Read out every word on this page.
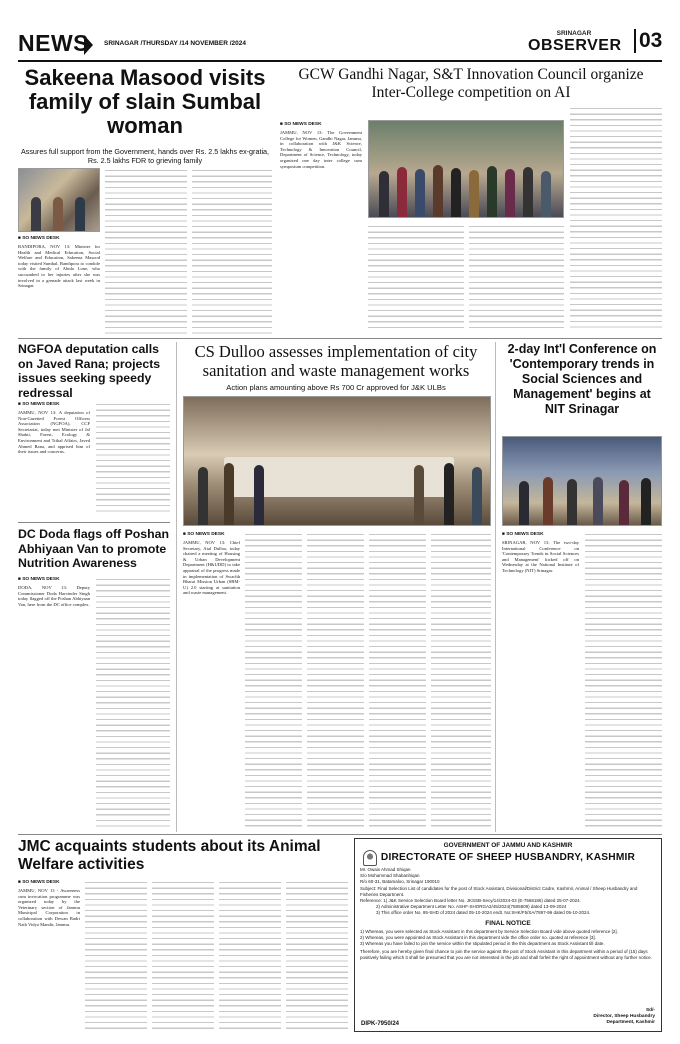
NEWS SRINAGAR /THURSDAY /14 NOVEMBER /2024
SRINAGAR
OBSERVER 03
Sakeena Masood visits family of slain Sumbal woman
Assures full support from the Government, hands over Rs. 2.5 lakhs ex-gratia, Rs. 2.5 lakhs FDR to grieving family
■ SO NEWS DESK
BANDIPORA, NOV 13: Minister for Health and Medical Education, Social Welfare and Education, Sakeena Masood today visited Sumbal, Bandipora to condole with the family of Abida Lone, who succumbed to her injuries after she was involved in a grenade attack last week in Srinagar.
GCW Gandhi Nagar, S&T Innovation Council organize Inter-College competition on AI
■ SO NEWS DESK
JAMMU, NOV 13: The Government College for Women, Gandhi Nagar, Jammu, in collaboration with J&K Science, Technology & Innovation Council, Department of Science, Technology, today organized one day inter college cum symposium competition.
NGFOA deputation calls on Javed Rana; projects issues seeking speedy redressal
■ SO NEWS DESK
JAMMU, NOV 13: A deputation of Non-Gazetted Forest Officers Association (NGFOA), CCF Secretariat, today met Minister of Jal Shakti, Forest, Ecology & Environment and Tribal Affairs, Javed Ahmed Rana, and apprised him of their issues and concerns.
CS Dulloo assesses implementation of city sanitation and waste management works
Action plans amounting above Rs 700 Cr approved for J&K ULBs
■ SO NEWS DESK
JAMMU, NOV 13: Chief Secretary, Atal Dulloo, today chaired a meeting of Housing & Urban Development Department (H&UDD) to take appraisal of the progress made in implementation of Swachh Bharat Mission Urban (SBM-U) 2.0 starting at sanitation and waste management.
2-day Int'l Conference on 'Contemporary trends in Social Sciences and Management' begins at NIT Srinagar
■ SO NEWS DESK
SRINAGAR, NOV 13: The two-day International Conference on 'Contemporary Trends in Social Sciences and Management' kicked off on Wednesday at the National Institute of Technology (NIT) Srinagar.
DC Doda flags off Poshan Abhiyaan Van to promote Nutrition Awareness
■ SO NEWS DESK
DODA, NOV 13: Deputy Commissioner Doda Harvinder Singh today flagged off the Poshan Abhiyaan Van, here from the DC office complex.
JMC acquaints students about its Animal Welfare activities
■ SO NEWS DESK
JAMMU, NOV 13 - Awareness cum invocation programme was organized today by the Veterinary section of Jammu Municipal Corporation in collaboration with Dewan Badri Nath Vidya Mandir, Jammu.
GOVERNMENT OF JAMMU AND KASHMIR
DIRECTORATE OF SHEEP HUSBANDRY, KASHMIR
Mr. Owais Ahmad Shiqan
S/o Mohammad Shabanhiqan
R/o 60-31, Batamaloo, Srinagar 190010
Subject: Final Selection List of candidates for the post of Stock Assistant, Divisional/District Cadre, Kashmir, Animal / Sheep Husbandry and Fisheries Department.
Reference: 1) J&K Service Selection Board letter No. JKSSB-Secy/14/2024-03 (E-7568186) dated 25-07-2024.
2) Administrative Department Letter No. ASHF-SHORGA2/45/2024(7585809) dated 13-09-2024
3) This office order No. 95-SHD of 2024 dated 05-10-2024 endt. No:SHK/F5/SA/7897-99 dated 05-10-2024.
FINAL NOTICE
1) Whereas, you were selected as Stock Assistant in this department by Service Selection Board vide above quoted reference [2].
2) Whereas, you were appointed as Stock Assistant in this department vide the office order no. quoted at reference [3].
3) Whereas you have failed to join the service within the stipulated period in the this department as Stock Assistant till date.
Therefore, you are hereby given final chance to join the service against the post of Stock Assistant in this department within a period of (15) days positively failing which it shall be presumed that you are not interested in the job and shall forfeit the right of appointment without any further notice.
Sd/-
Director, Sheep Husbandry
Department, Kashmir
DIPK-7950/24
